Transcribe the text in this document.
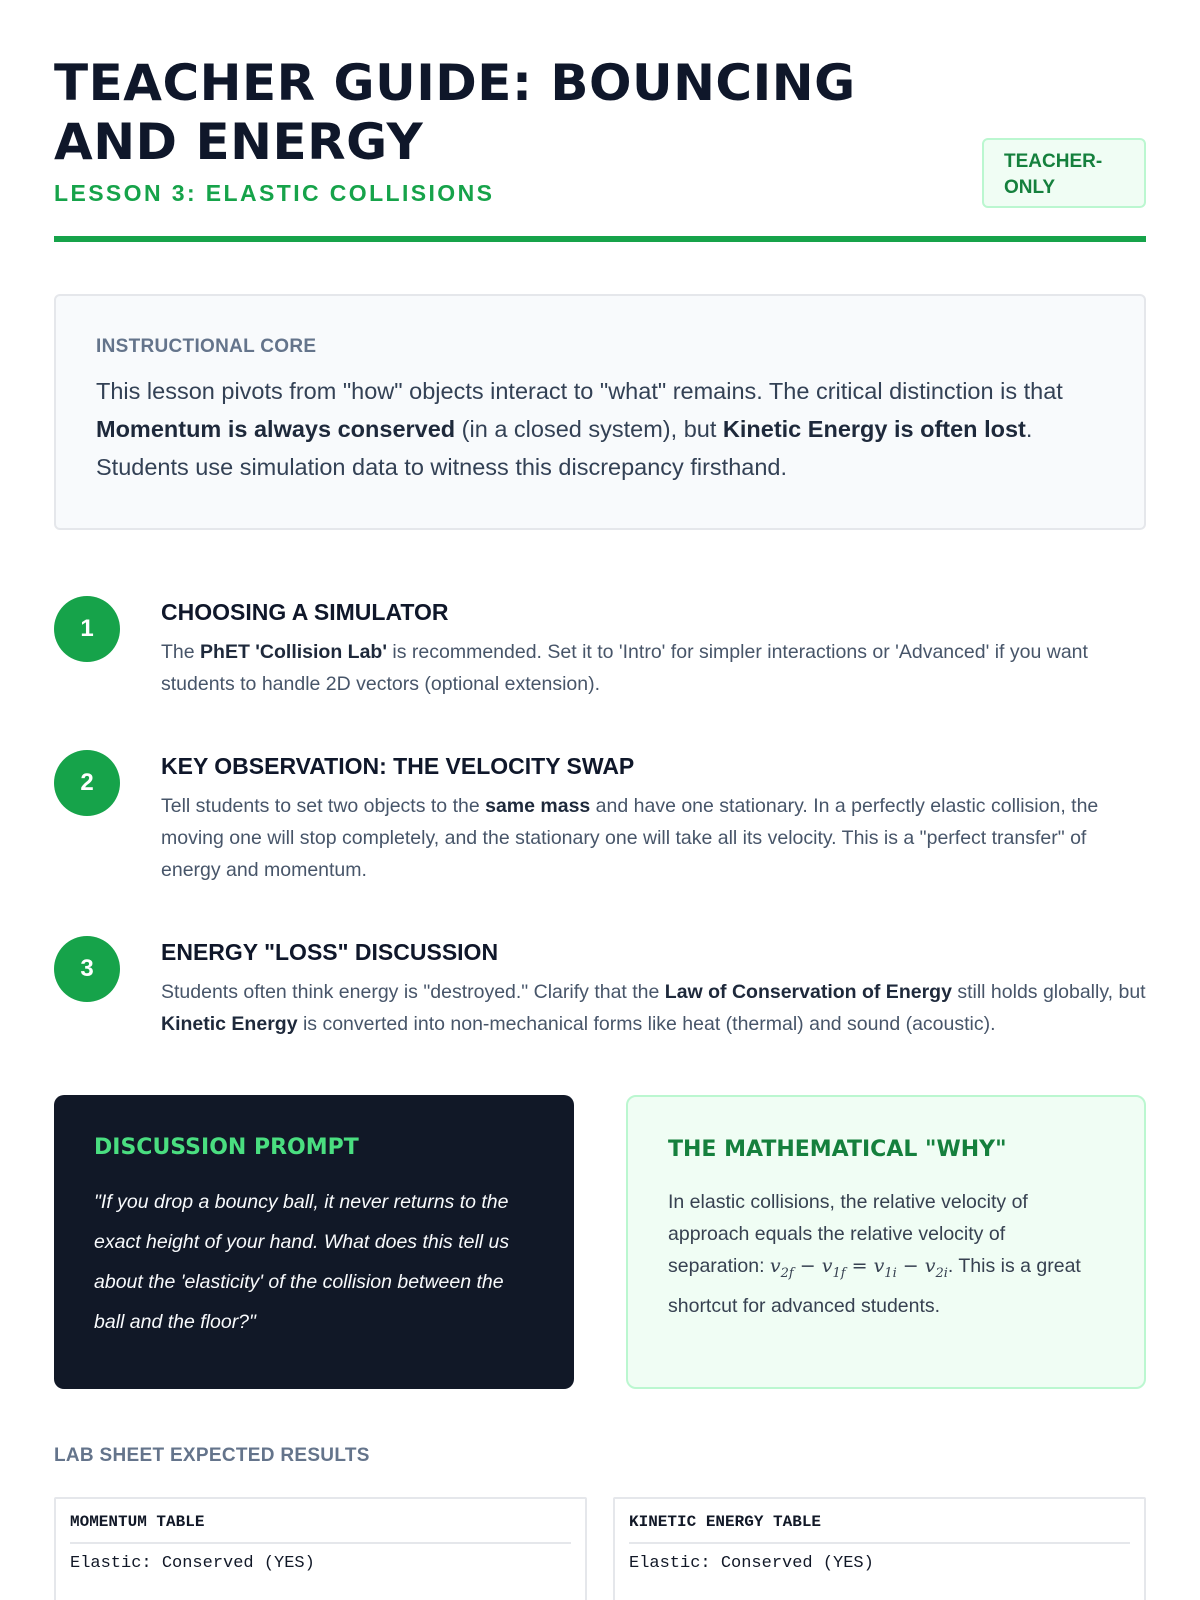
TEACHER GUIDE: BOUNCING AND ENERGY
LESSON 3: ELASTIC COLLISIONS
TEACHER-ONLY
INSTRUCTIONAL CORE

This lesson pivots from "how" objects interact to "what" remains. The critical distinction is that Momentum is always conserved (in a closed system), but Kinetic Energy is often lost. Students use simulation data to witness this discrepancy firsthand.

1
CHOOSING A SIMULATOR

The PhET 'Collision Lab' is recommended. Set it to 'Intro' for simpler interactions or 'Advanced' if you want students to handle 2D vectors (optional extension).

2
KEY OBSERVATION: THE VELOCITY SWAP

Tell students to set two objects to the same mass and have one stationary. In a perfectly elastic collision, the moving one will stop completely, and the stationary one will take all its velocity. This is a "perfect transfer" of energy and momentum.

3
ENERGY "LOSS" DISCUSSION

Students often think energy is "destroyed." Clarify that the Law of Conservation of Energy still holds globally, but Kinetic Energy is converted into non-mechanical forms like heat (thermal) and sound (acoustic).

DISCUSSION PROMPT

"If you drop a bouncy ball, it never returns to the exact height of your hand. What does this tell us about the 'elasticity' of the collision between the ball and the floor?"

THE MATHEMATICAL "WHY"

In elastic collisions, the relative velocity of approach equals the relative velocity of separation: $v_{2f} - v_{1f} = v_{1i} - v_{2i}$. This is a great shortcut for advanced students.

LAB SHEET EXPECTED RESULTS
MOMENTUM TABLE
Elastic: Conserved (YES)
KINETIC ENERGY TABLE
Elastic: Conserved (YES)
